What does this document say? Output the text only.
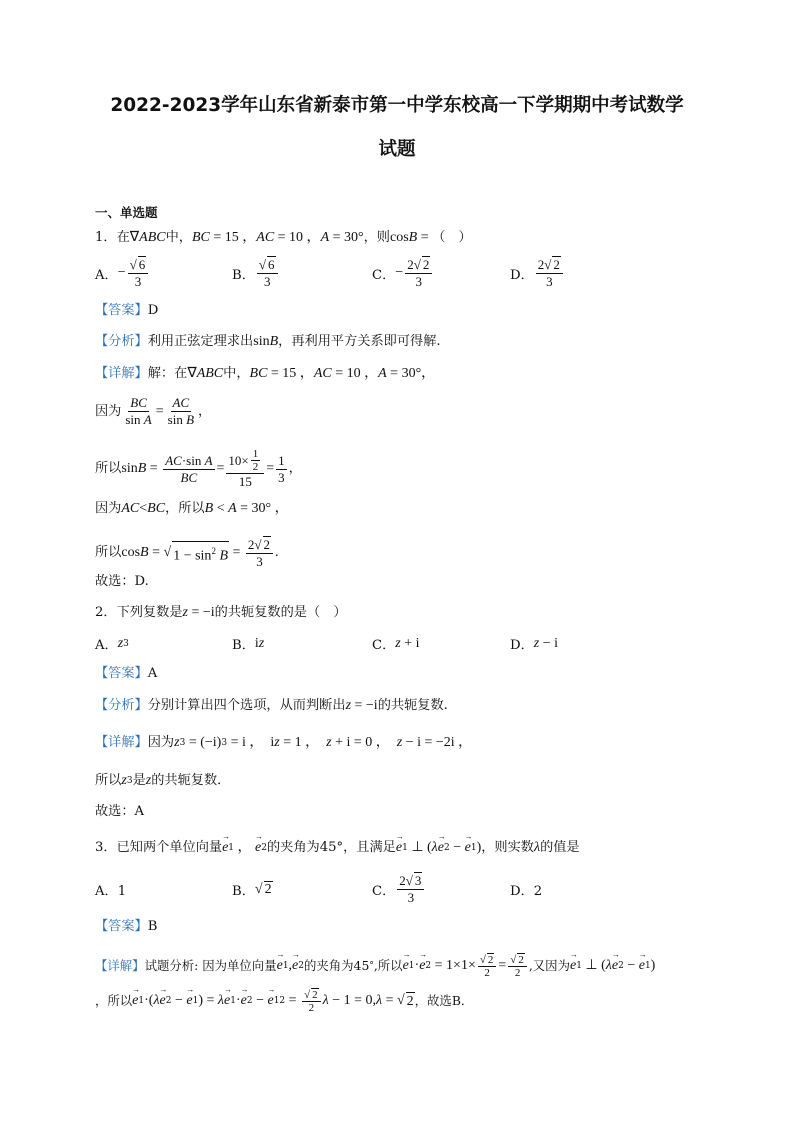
2022-2023学年山东省新泰市第一中学东校高一下学期期中考试数学
试题
一、单选题
1．在 ∇ABC 中， BC = 15 ， AC = 10 ， A = 30° ，则 cos B = （　）
A． − $\frac{√ 6}{3}$	B． $\frac{√ 6}{3}$	C． − $\frac{2√ 2}{3}$	D． $\frac{2√ 2}{3}$
【答案】 D
【分析】 利用正弦定理求出 sin B ，再利用平方关系即可得解.
【详解】 解：在 ∇ABC 中， BC = 15 ， AC = 10 ， A = 30°，
因为 $\frac{BC}{\text{sin A}} = \frac{AC}{\text{sin B}}$ ，
所以 $\sin B = \frac{\text{AC·sin A}}{BC} = \frac{10\times \frac{1}{2}}{15} = \frac{1}{3}$ ，
因为 AC < BC ，所以 B < A = 30° ，
所以 cos B = √ $1 - \sin^2 B = \frac{2√ 2}{3}$ .
故选：D.
2．下列复数是 z = −i 的共轭复数的是（　）
A． z 3	B． i z	C． z + i	D． z − i
【答案】 A
【分析】 分别计算出四个选项，从而判断出 z = −i 的共轭复数.
【详解】 因为 z 3 = (−i) 3 = i ，  i z = 1 ， z + i = 0 ， z − i = −2i ，
所以 z 3 是 z 的共轭复数．
故选：A
3．已知两个单位向量 → e 1 ， → e 2 的夹角为45°，且满足 → e 1 ⊥ ( λ → e 2 − → e 1 ) ，则实数 λ 的值是
A．1	B． √ 2	C． $\frac{2√ 3}{3}$	D．2
【答案】 B
【详解】 试题分析: 因为单位向量 → e 1 , → e 2 的夹角为45 ° ,所以 → e 1 · → e $2 = 1\times 1\times \frac{√ 2}{2} = \frac{√ 2}{2}$ ,又因为 → e 1 ⊥ ( λ → e 2 − → e 1 )
，所以 → e 1 ·( λ → e 2 − → e 1 ) = λ → e 1 · → e 2 − → e 1 $2 = \frac{√ 2}{2}$ λ − 1 = 0, λ = √ 2 ，故选B．
